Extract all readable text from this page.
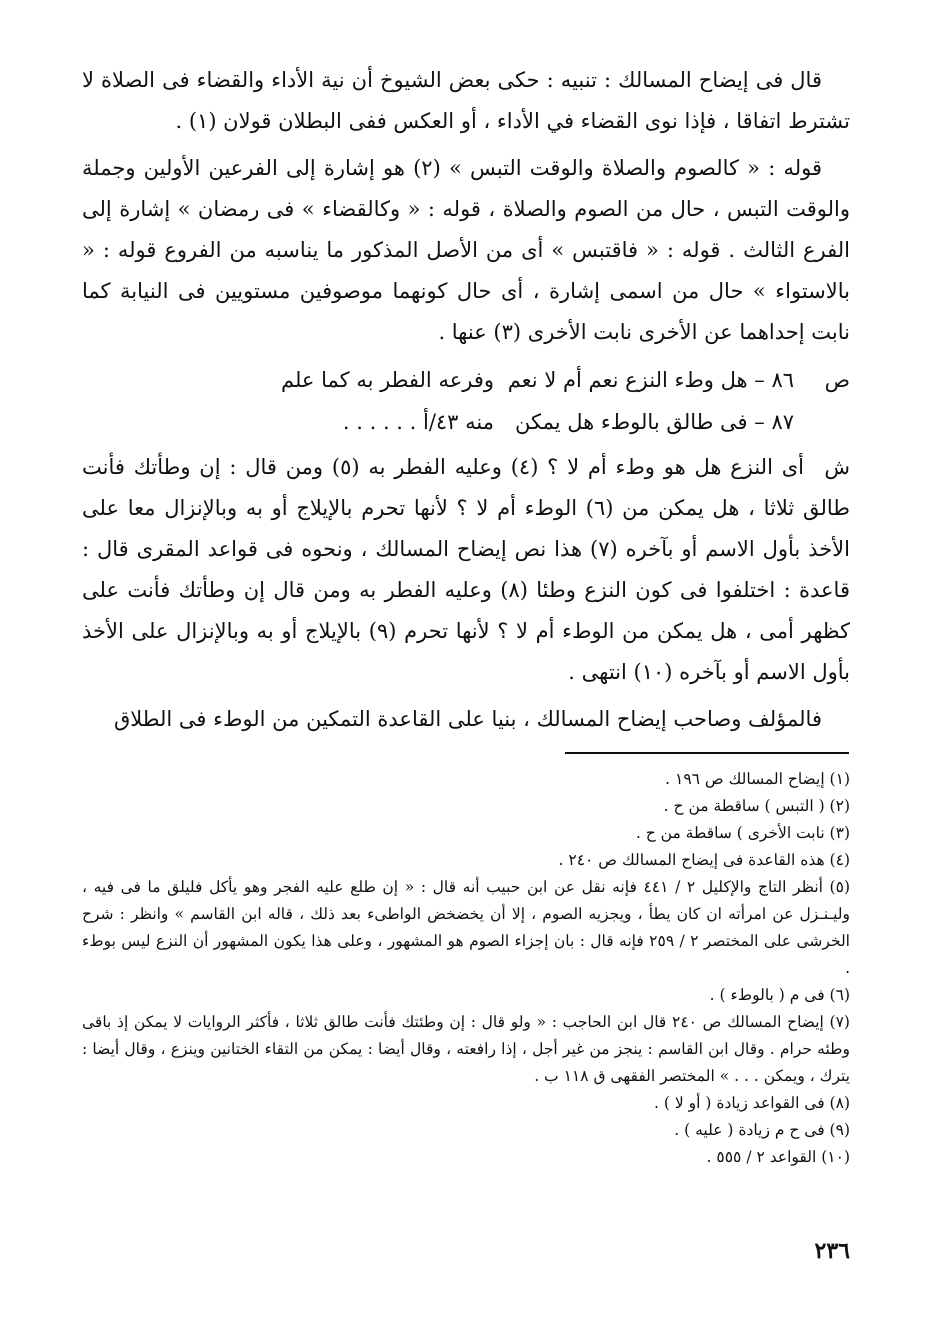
قال فى إيضاح المسالك : تنبيه : حكى بعض الشيوخ أن نية الأداء والقضاء فى الصلاة لا تشترط اتفاقا ، فإذا نوى القضاء في الأداء ، أو العكس ففى البطلان قولان (١) .

قوله : « كالصوم والصلاة والوقت التبس » (٢) هو إشارة إلى الفرعين الأولين وجملة والوقت التبس ، حال من الصوم والصلاة ، قوله : « وكالقضاء » فى رمضان » إشارة إلى الفرع الثالث . قوله : « فاقتبس » أى من الأصل المذكور ما يناسبه من الفروع قوله : « بالاستواء » حال من اسمى إشارة ، أى حال كونهما موصوفين مستويين فى النيابة كما نابت إحداهما عن الأخرى نابت الأخرى (٣) عنها .

ص
٨٦ – هل وطء النزع نعم أم لا نعم
وفرعه الفطر به كما علم
٨٧ – فى طالق بالوطء هل يمكن
منه ٤٣/أ . . . . . .

شأى النزع هل هو وطء أم لا ؟ (٤) وعليه الفطر به (٥) ومن قال : إن وطأتك فأنت طالق ثلاثا ، هل يمكن من (٦) الوطء أم لا ؟ لأنها تحرم بالإيلاج أو به وبالإنزال معا على الأخذ بأول الاسم أو بآخره (٧) هذا نص إيضاح المسالك ، ونحوه فى قواعد المقرى قال : قاعدة : اختلفوا فى كون النزع وطئا (٨) وعليه الفطر به ومن قال إن وطأتك فأنت على كظهر أمى ، هل يمكن من الوطء أم لا ؟ لأنها تحرم (٩) بالإيلاج أو به وبالإنزال على الأخذ بأول الاسم أو بآخره (١٠) انتهى .

فالمؤلف وصاحب إيضاح المسالك ، بنيا على القاعدة التمكين من الوطء فى الطلاق

(١) إيضاح المسالك ص ١٩٦ .

(٢) ( التبس ) ساقطة من ح .

(٣) نابت الأخرى ) ساقطة من ح .

(٤) هذه القاعدة فى إيضاح المسالك ص ٢٤٠ .

(٥) أنظر التاج والإكليل ٢ / ٤٤١ فإنه نقل عن ابن حبيب أنه قال : « إن طلع عليه الفجر وهو يأكل فليلق ما فى فيه ، وليـنـزل عن امرأته ان كان يطأ ، ويجزيه الصوم ، إلا أن يخضخض الواطىء بعد ذلك ، قاله ابن القاسم » وانظر : شرح الخرشى على المختصر ٢ / ٢٥٩ فإنه قال : بان إجزاء الصوم هو المشهور ، وعلى هذا يكون المشهور أن النزع ليس بوطء .

(٦) فى م ( بالوطء ) .

(٧) إيضاح المسالك ص ٢٤٠ قال ابن الحاجب : « ولو قال : إن وطئتك فأنت طالق ثلاثا ، فأكثر الروايات لا يمكن إذ باقى وطئه حرام . وقال ابن القاسم : ينجز من غير أجل ، إذا رافعته ، وقال أيضا : يمكن من التقاء الختانين وينزع ، وقال أيضا : يترك ، ويمكن . . . » المختصر الفقهى ق ١١٨ ب .

(٨) فى القواعد زيادة ( أو لا ) .

(٩) فى ح م زيادة ( عليه ) .

(١٠) القواعد ٢ / ٥٥٥ .

٢٣٦
